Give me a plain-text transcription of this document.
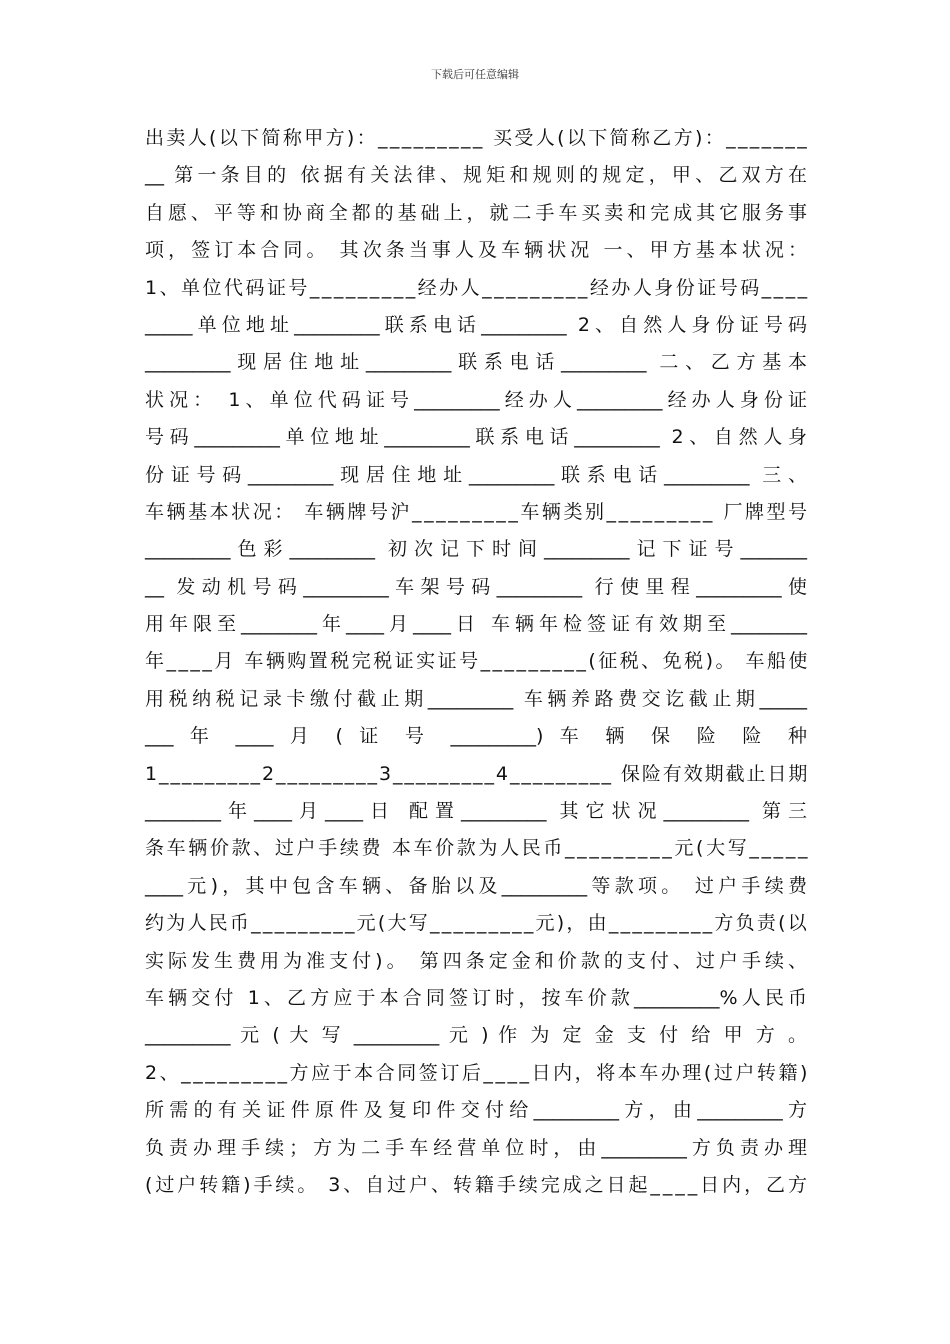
下载后可任意编辑
出卖人(以下简称甲方)：_________ 买受人(以下简称乙方)：_______
__ 第一条目的 依据有关法律、规矩和规则的规定，甲、乙双方在
自愿、平等和协商全都的基础上，就二手车买卖和完成其它服务事
项，签订本合同。 其次条当事人及车辆状况 一、甲方基本状况：
1、单位代码证号_________经办人_________经办人身份证号码____
_____单位地址_________联系电话_________ 2、自然人身份证号码
_________现居住地址_________联系电话_________ 二、乙方基本
状况： 1、单位代码证号_________经办人_________经办人身份证
号码_________单位地址_________联系电话_________ 2、自然人身
份证号码_________现居住地址_________联系电话_________ 三、
车辆基本状况： 车辆牌号沪_________车辆类别_________ 厂牌型号
_________色彩_________ 初次记下时间_________记下证号_______
__ 发动机号码_________车架号码_________ 行使里程_________使
用年限至________年____月____日 车辆年检签证有效期至________
年____月 车辆购置税完税证实证号_________(征税、免税)。 车船使
用税纳税记录卡缴付截止期_________ 车辆养路费交讫截止期_____
___ 年 ____ 月 ( 证 号 _________) 车 辆 保 险 险 种
1_________2_________3_________4_________ 保险有效期截止日期
________年____月____日 配置_________ 其它状况_________ 第三
条车辆价款、过户手续费 本车价款为人民币_________元(大写_____
____元)，其中包含车辆、备胎以及_________等款项。 过户手续费
约为人民币_________元(大写_________元)，由_________方负责(以
实际发生费用为准支付)。 第四条定金和价款的支付、过户手续、
车辆交付 1、乙方应于本合同签订时，按车价款_________%人民币
_________ 元 ( 大 写 _________ 元 ) 作 为 定 金 支 付 给 甲 方 。
2、_________方应于本合同签订后____日内，将本车办理(过户转籍)
所需的有关证件原件及复印件交付给_________方，由_________方
负责办理手续；方为二手车经营单位时，由_________方负责办理
(过户转籍)手续。 3、自过户、转籍手续完成之日起____日内，乙方
